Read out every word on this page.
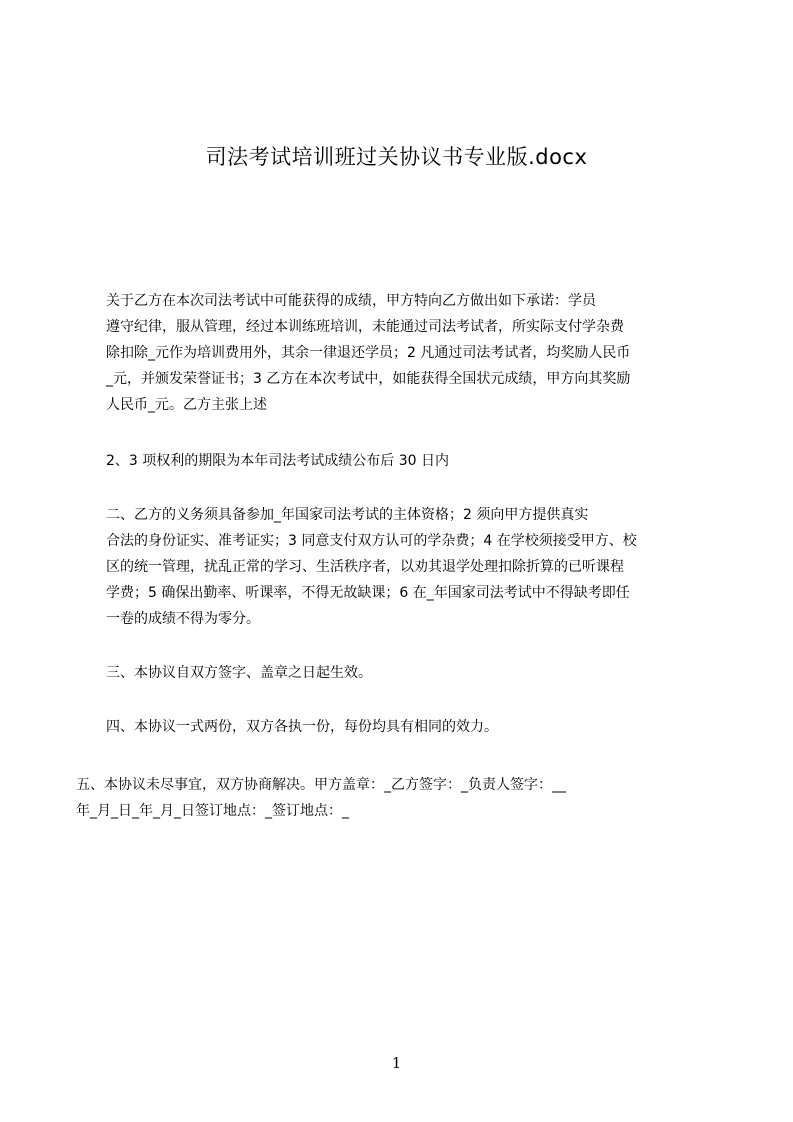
司法考试培训班过关协议书专业版.docx
关于乙方在本次司法考试中可能获得的成绩，甲方特向乙方做出如下承诺：学员
遵守纪律，服从管理，经过本训练班培训，未能通过司法考试者，所实际支付学杂费
除扣除_元作为培训费用外，其余一律退还学员；2 凡通过司法考试者，均奖励人民币
_元，并颁发荣誉证书；3 乙方在本次考试中，如能获得全国状元成绩，甲方向其奖励
人民币_元。乙方主张上述
2、3 项权利的期限为本年司法考试成绩公布后 30 日内
二、乙方的义务须具备参加_年国家司法考试的主体资格；2 须向甲方提供真实
合法的身份证实、准考证实；3 同意支付双方认可的学杂费；4 在学校须接受甲方、校
区的统一管理，扰乱正常的学习、生活秩序者，以劝其退学处理扣除折算的已听课程
学费；5 确保出勤率、听课率，不得无故缺课；6 在_年国家司法考试中不得缺考即任
一卷的成绩不得为零分。
三、本协议自双方签字、盖章之日起生效。
四、本协议一式两份，双方各执一份，每份均具有相同的效力。
五、本协议未尽事宜，双方协商解决。甲方盖章：_乙方签字：_负责人签字：__
年_月_日_年_月_日签订地点：_签订地点：_
1
